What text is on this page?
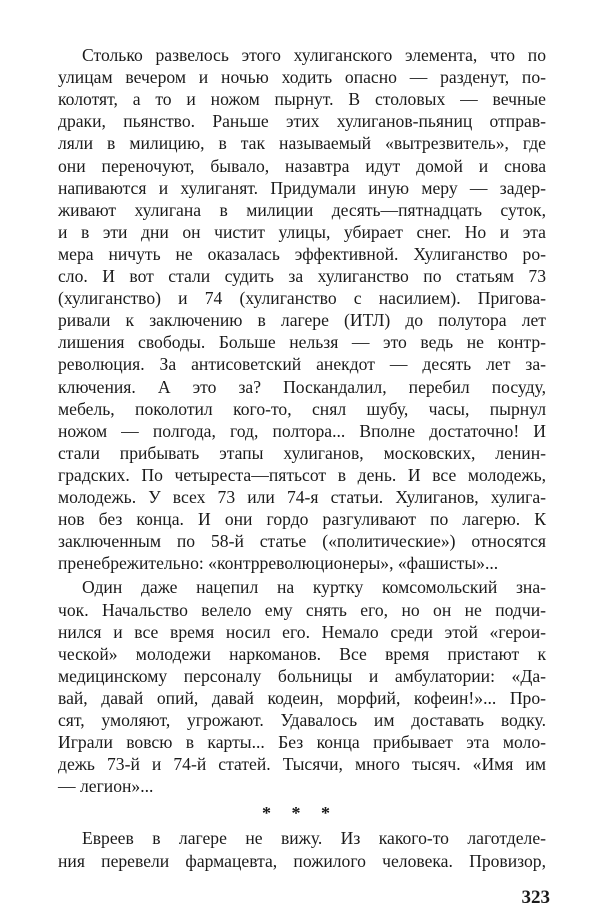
Столько развелось этого хулиганского элемента, что по
улицам вечером и ночью ходить опасно — разденут, по-
колотят, а то и ножом пырнут. В столовых — вечные
драки, пьянство. Раньше этих хулиганов-пьяниц отправ-
ляли в милицию, в так называемый «вытрезвитель», где
они переночуют, бывало, назавтра идут домой и снова
напиваются и хулиганят. Придумали иную меру — задер-
живают хулигана в милиции десять—пятнадцать суток,
и в эти дни он чистит улицы, убирает снег. Но и эта
мера ничуть не оказалась эффективной. Хулиганство ро-
сло. И вот стали судить за хулиганство по статьям 73
(хулиганство) и 74 (хулиганство с насилием). Пригова-
ривали к заключению в лагере (ИТЛ) до полутора лет
лишения свободы. Больше нельзя — это ведь не контр-
революция. За антисоветский анекдот — десять лет за-
ключения. А это за? Поскандалил, перебил посуду,
мебель, поколотил кого-то, снял шубу, часы, пырнул
ножом — полгода, год, полтора... Вполне достаточно! И
стали прибывать этапы хулиганов, московских, ленин-
градских. По четыреста—пятьсот в день. И все молодежь,
молодежь. У всех 73 или 74-я статьи. Хулиганов, хулига-
нов без конца. И они гордо разгуливают по лагерю. К
заключенным по 58-й статье («политические») относятся
пренебрежительно: «контрреволюционеры», «фашисты»...
Один даже нацепил на куртку комсомольский зна-
чок. Начальство велело ему снять его, но он не подчи-
нился и все время носил его. Немало среди этой «герои-
ческой» молодежи наркоманов. Все время пристают к
медицинскому персоналу больницы и амбулатории: «Да-
вай, давай опий, давай кодеин, морфий, кофеин!»... Про-
сят, умоляют, угрожают. Удавалось им доставать водку.
Играли вовсю в карты... Без конца прибывает эта моло-
дежь 73-й и 74-й статей. Тысячи, много тысяч. «Имя им
— легион»...
* * *
Евреев в лагере не вижу. Из какого-то лаготделе-
ния перевели фармацевта, пожилого человека. Провизор,
323
